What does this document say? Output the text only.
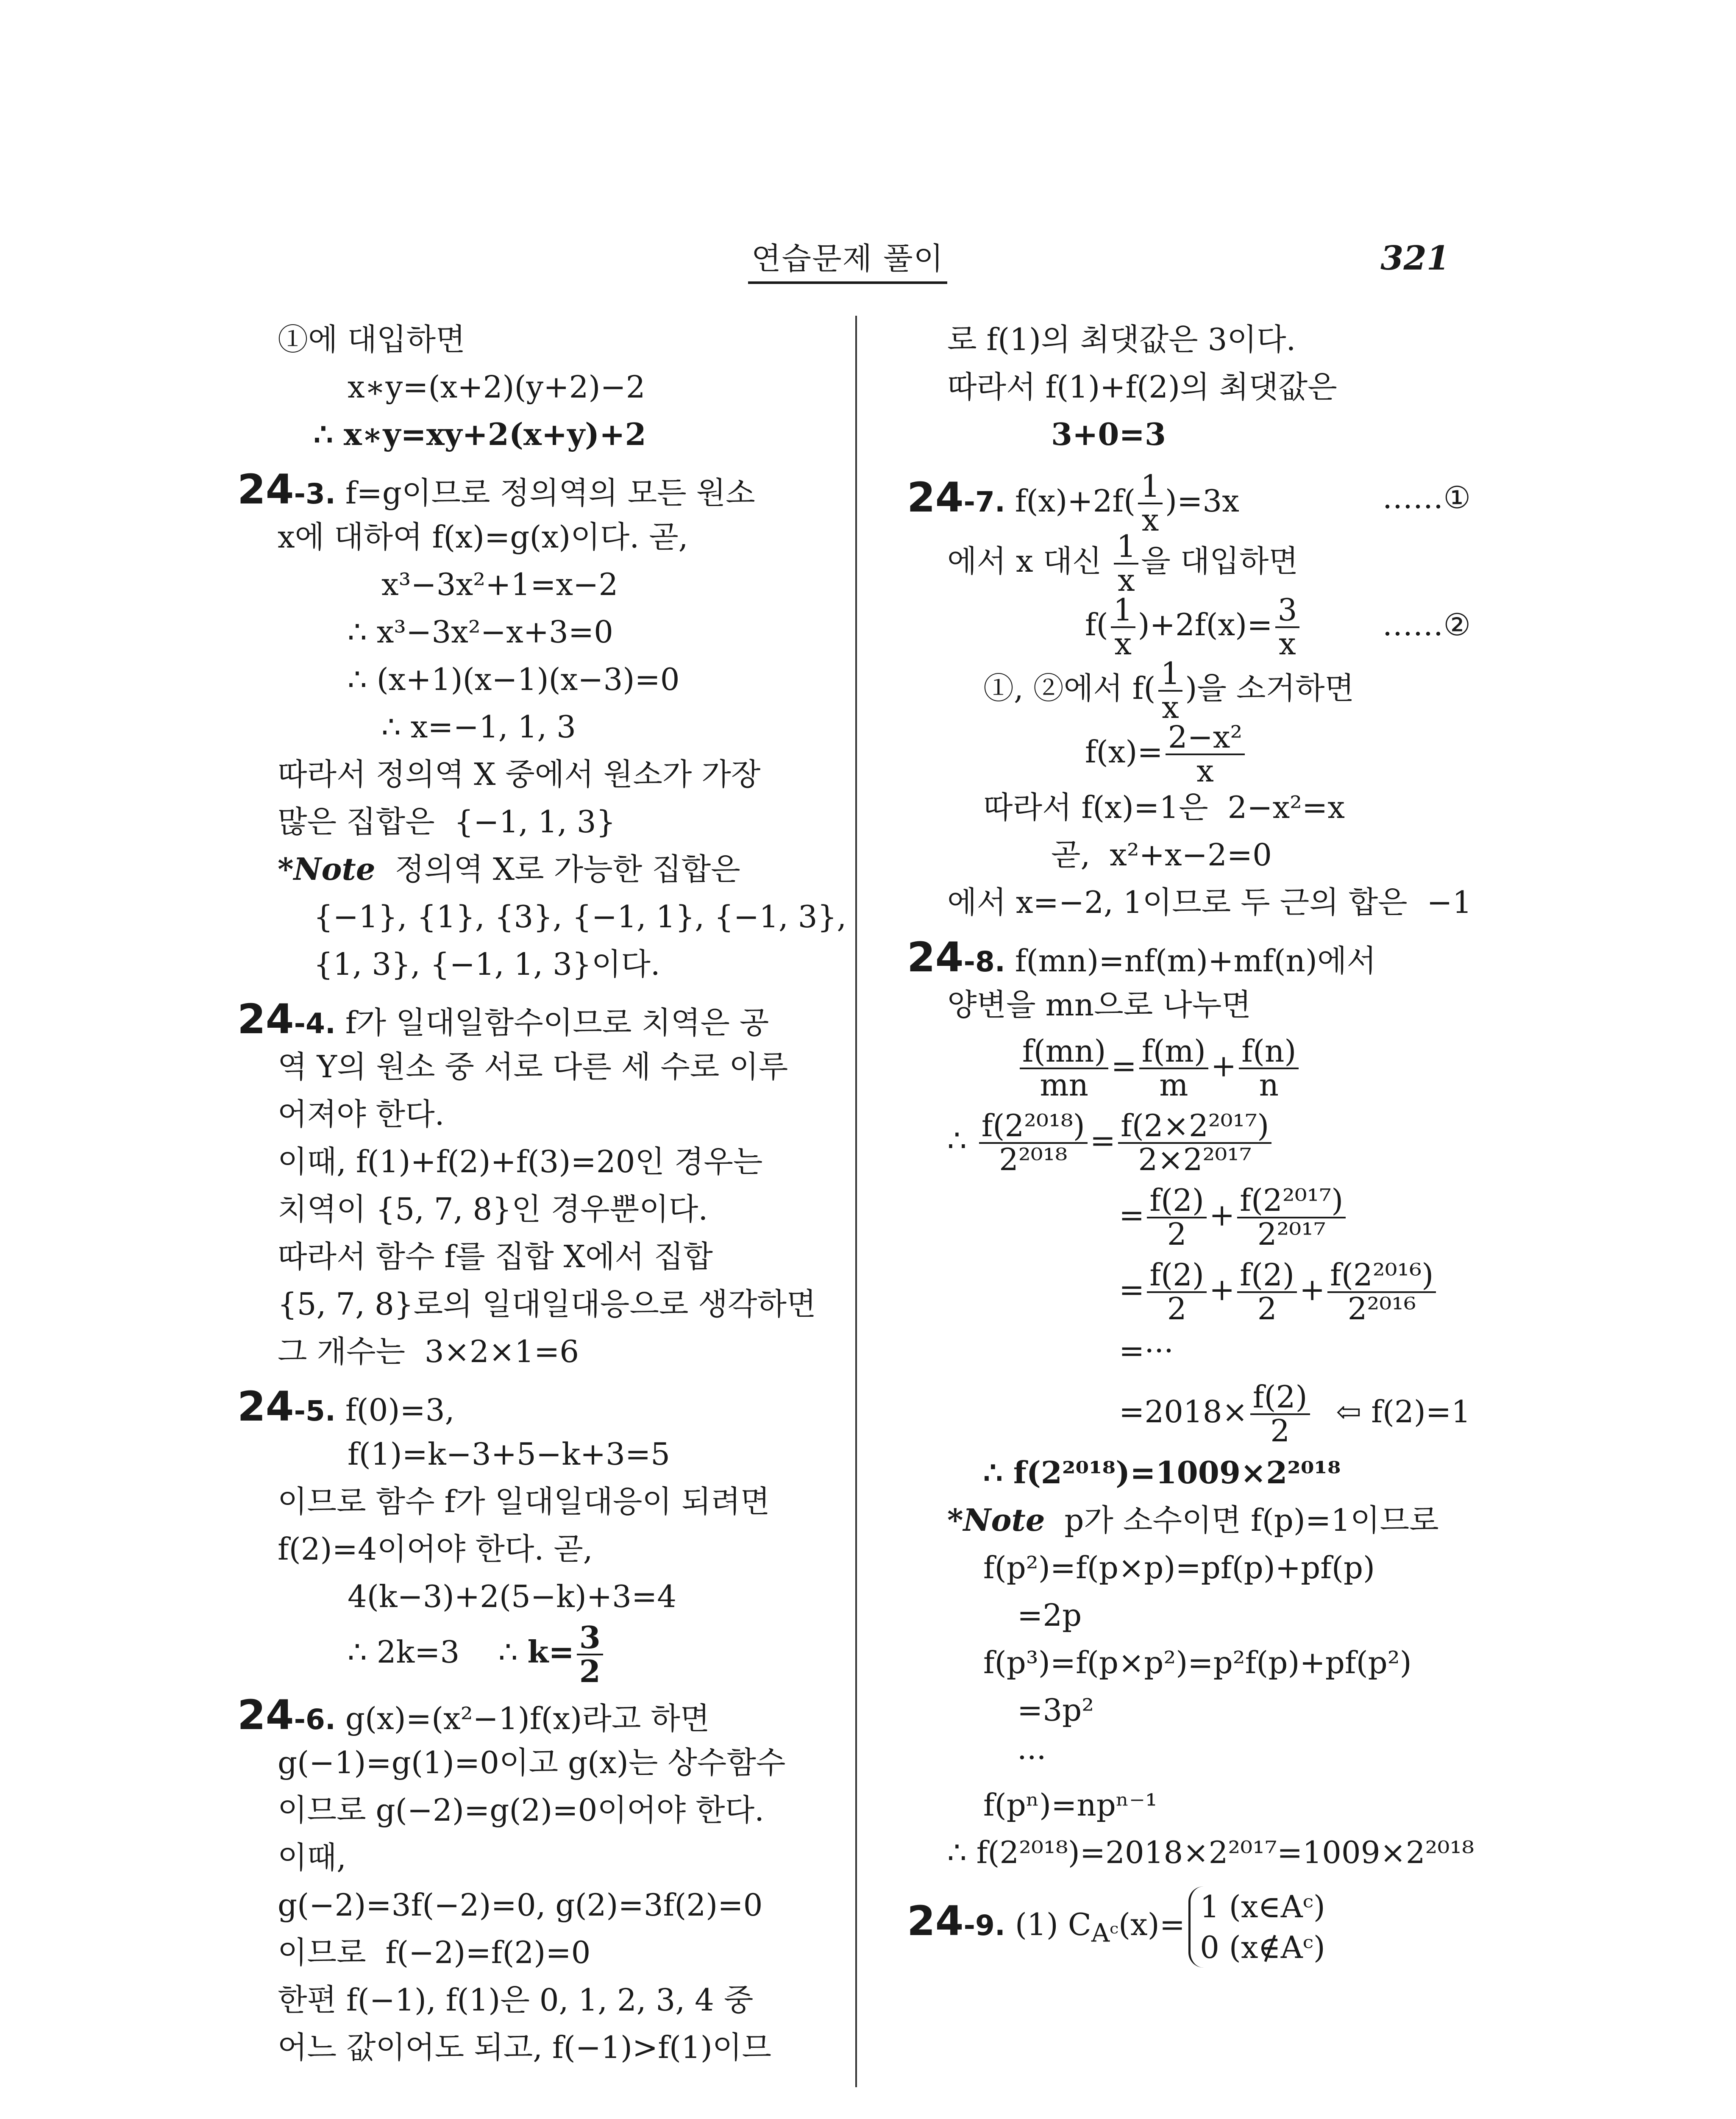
연습문제 풀이	321
①에 대입하면
x∗y=(x+2)(y+2)−2
∴ x∗y=xy+2(x+y)+2
24-3. f=g이므로 정의역의 모든 원소
x에 대하여 f(x)=g(x)이다. 곧,
x³−3x²+1=x−2
∴ x³−3x²−x+3=0
∴ (x+1)(x−1)(x−3)=0
∴ x=−1, 1, 3
따라서 정의역 X 중에서 원소가 가장
많은 집합은  {−1, 1, 3}
*Note  정의역 X로 가능한 집합은
{−1}, {1}, {3}, {−1, 1}, {−1, 3},
{1, 3}, {−1, 1, 3}이다.
24-4. f가 일대일함수이므로 치역은 공
역 Y의 원소 중 서로 다른 세 수로 이루
어져야 한다.
이때, f(1)+f(2)+f(3)=20인 경우는
치역이 {5, 7, 8}인 경우뿐이다.
따라서 함수 f를 집합 X에서 집합
{5, 7, 8}로의 일대일대응으로 생각하면
그 개수는  3×2×1=6
24-5. f(0)=3,
f(1)=k−3+5−k+3=5
이므로 함수 f가 일대일대응이 되려면
f(2)=4이어야 한다. 곧,
4(k−3)+2(5−k)+3=4
∴ 2k=3    ∴ $k= \frac{3}{2}$
24-6. g(x)=(x²−1)f(x)라고 하면
g(−1)=g(1)=0이고 g(x)는 상수함수
이므로 g(−2)=g(2)=0이어야 한다.
이때,
g(−2)=3f(−2)=0, g(2)=3f(2)=0
이므로  f(−2)=f(2)=0
한편 f(−1), f(1)은 0, 1, 2, 3, 4 중
어느 값이어도 되고, f(−1)>f(1)이므
로 f(1)의 최댓값은 3이다.
따라서 f(1)+f(2)의 최댓값은
3+0=3
24-7. $f(x)+2f( \frac{1}{x} )=3x$	……①
에서 x 대신 $\frac{1}{x}$ 을 대입하면
$f( \frac{1}{x} )+2f(x)= \frac{3}{x}$	……②
①, ②에서 $f( \frac{1}{x}$ )을 소거하면
$f(x)= \frac{\text{2−x²}}{x}$
따라서 f(x)=1은  2−x²=x
곧,  x²+x−2=0
에서 x=−2, 1이므로 두 근의 합은  −1
24-8. f(mn)=nf(m)+mf(n)에서
양변을 mn으로 나누면
$\frac{f(mn)}{mn} = \frac{f(m)}{m} + \frac{f(n)}{n}$
∴ $\frac{\text{f(2²⁰¹⁸)}}{\text{2²⁰¹⁸}} = \frac{\text{f(2×2²⁰¹⁷)}}{\text{2×2²⁰¹⁷}}$
= $\frac{f(2)}{2} + \frac{\text{f(2²⁰¹⁷)}}{\text{2²⁰¹⁷}}$
= $\frac{f(2)}{2} + \frac{f(2)}{2} + \frac{\text{f(2²⁰¹⁶)}}{\text{2²⁰¹⁶}}$
=···
$=2018\times \frac{f(2)}{2}$ ⇦ f(2)=1
∴ f(2²⁰¹⁸)=1009×2²⁰¹⁸
*Note  p가 소수이면 f(p)=1이므로
f(p²)=f(p×p)=pf(p)+pf(p)
=2p
f(p³)=f(p×p²)=p²f(p)+pf(p²)
=3p²
···
f(pⁿ)=npⁿ⁻¹
∴ f(2²⁰¹⁸)=2018×2²⁰¹⁷=1009×2²⁰¹⁸
24-9. (1) $C_{Aᶜ}(x)= 1$ (x∈Aᶜ)
0 (x∉Aᶜ)
